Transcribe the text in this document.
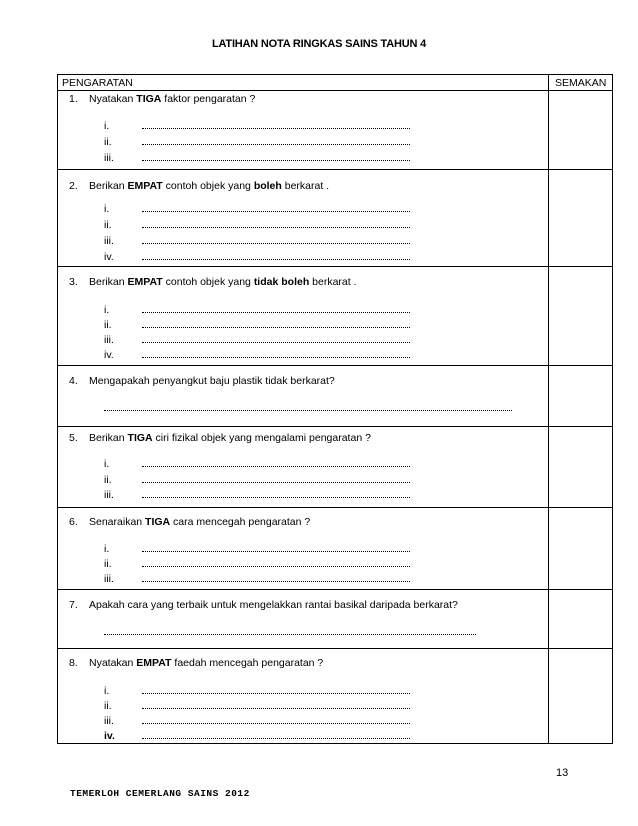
LATIHAN NOTA RINGKAS SAINS TAHUN 4
PENGARATAN	SEMAKAN
1. Nyatakan TIGA faktor pengaratan ?
i.
ii.
iii.
2. Berikan EMPAT contoh objek yang boleh berkarat .
i.
ii.
iii.
iv.
3. Berikan EMPAT contoh objek yang tidak boleh berkarat .
i.
ii.
iii.
iv.
4. Mengapakah penyangkut baju plastik tidak berkarat?
5. Berikan TIGA ciri fizikal objek yang mengalami pengaratan ?
i.
ii.
iii.
6. Senaraikan TIGA cara mencegah pengaratan ?
i.
ii.
iii.
7. Apakah cara yang terbaik untuk mengelakkan rantai basikal daripada berkarat?
8. Nyatakan EMPAT faedah mencegah pengaratan ?
i.
ii.
iii.
iv.
13
TEMERLOH CEMERLANG SAINS 2012
